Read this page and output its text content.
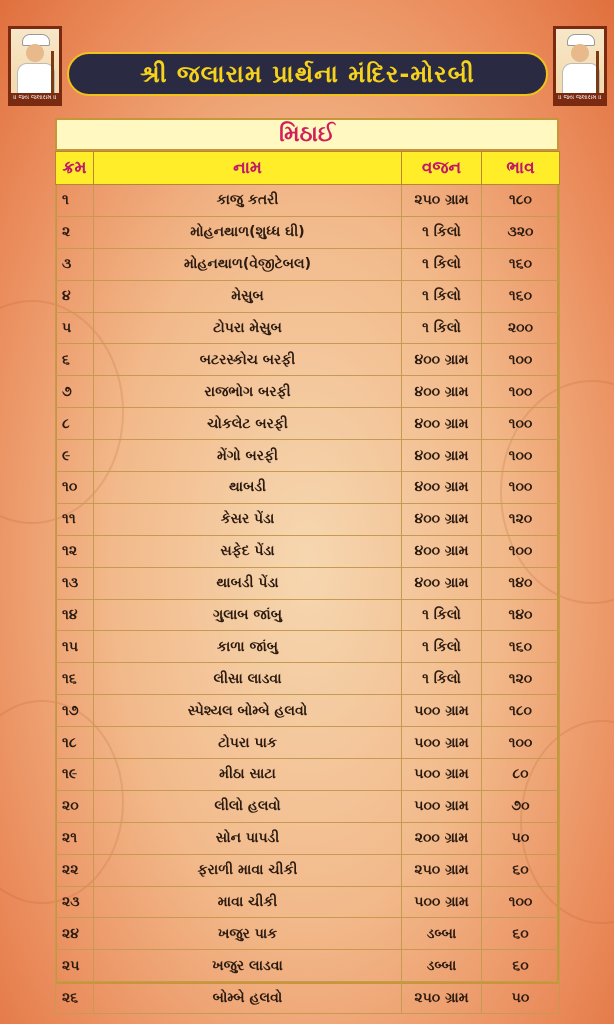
॥ જય જલારામ ॥
શ્રી જલારામ પ્રાર્થના મંદિર-મોરબી
॥ જય જલારામ ॥
મિઠાઈ
ક્રમ	નામ	વજન	ભાવ
૧	કાજુ કતરી	૨૫૦ ગ્રામ	૧૮૦
૨	મોહનથાળ(શુધ્ધ ઘી)	૧ કિલો	૩૨૦
૩	મોહનથાળ(વેજીટેબલ)	૧ કિલો	૧૬૦
૪	મેસુબ	૧ કિલો	૧૬૦
૫	ટોપરા મેસુબ	૧ કિલો	૨૦૦
૬	બટરસ્કોચ બરફી	૪૦૦ ગ્રામ	૧૦૦
૭	રાજભોગ બરફી	૪૦૦ ગ્રામ	૧૦૦
૮	ચોકલેટ બરફી	૪૦૦ ગ્રામ	૧૦૦
૯	મેંગો બરફી	૪૦૦ ગ્રામ	૧૦૦
૧૦	થાબડી	૪૦૦ ગ્રામ	૧૦૦
૧૧	કેસર પેંડા	૪૦૦ ગ્રામ	૧૨૦
૧૨	સફેદ પેંડા	૪૦૦ ગ્રામ	૧૦૦
૧૩	થાબડી પેંડા	૪૦૦ ગ્રામ	૧૪૦
૧૪	ગુલાબ જાંબુ	૧ કિલો	૧૪૦
૧૫	કાળા જાંબુ	૧ કિલો	૧૬૦
૧૬	લીસા લાડવા	૧ કિલો	૧૨૦
૧૭	સ્પેશ્યલ બોમ્બે હલવો	૫૦૦ ગ્રામ	૧૮૦
૧૮	ટોપરા પાક	૫૦૦ ગ્રામ	૧૦૦
૧૯	મીઠા સાટા	૫૦૦ ગ્રામ	૮૦
૨૦	લીલો હલવો	૫૦૦ ગ્રામ	૭૦
૨૧	સોન પાપડી	૨૦૦ ગ્રામ	૫૦
૨૨	ફરાળી માવા ચીકી	૨૫૦ ગ્રામ	૬૦
૨૩	માવા ચીકી	૫૦૦ ગ્રામ	૧૦૦
૨૪	ખજુર પાક	ડબ્બા	૬૦
૨૫	ખજુર લાડવા	ડબ્બા	૬૦
૨૬	બોમ્બે હલવો	૨૫૦ ગ્રામ	૫૦
